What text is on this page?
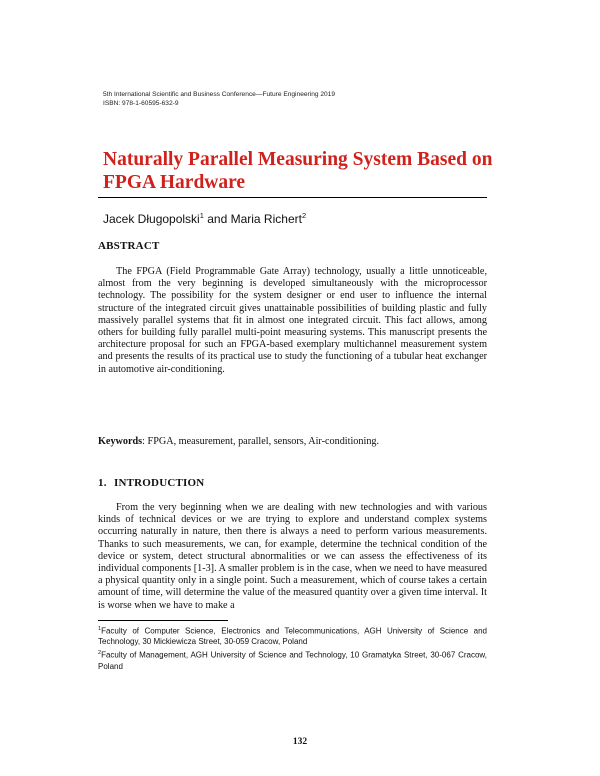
5th International Scientific and Business Conference—Future Engineering 2019
ISBN: 978-1-60595-632-9
Naturally Parallel Measuring System Based on FPGA Hardware
Jacek Długopolski$^1$ and Maria Richert$^2$
ABSTRACT

The FPGA (Field Programmable Gate Array) technology, usually a little unnoticeable, almost from the very beginning is developed simultaneously with the microprocessor technology. The possibility for the system designer or end user to influence the internal structure of the integrated circuit gives unattainable possibilities of building plastic and fully massively parallel systems that fit in almost one integrated circuit. This fact allows, among others for building fully parallel multi-point measuring systems. This manuscript presents the architecture proposal for such an FPGA-based exemplary multichannel measurement system and presents the results of its practical use to study the functioning of a tubular heat exchanger in automotive air-conditioning.

Keywords: FPGA, measurement, parallel, sensors, Air-conditioning.

1. INTRODUCTION

From the very beginning when we are dealing with new technologies and with various kinds of technical devices or we are trying to explore and understand complex systems occurring naturally in nature, then there is always a need to perform various measurements. Thanks to such measurements, we can, for example, determine the technical condition of the device or system, detect structural abnormalities or we can assess the effectiveness of its individual components [1-3]. A smaller problem is in the case, when we need to have measured a physical quantity only in a single point. Such a measurement, which of course takes a certain amount of time, will determine the value of the measured quantity over a given time interval. It is worse when we have to make a

$^1$Faculty of Computer Science, Electronics and Telecommunications, AGH University of Science and Technology, 30 Mickiewicza Street, 30-059 Cracow, Poland

$^2$Faculty of Management, AGH University of Science and Technology, 10 Gramatyka Street, 30-067 Cracow, Poland

132
